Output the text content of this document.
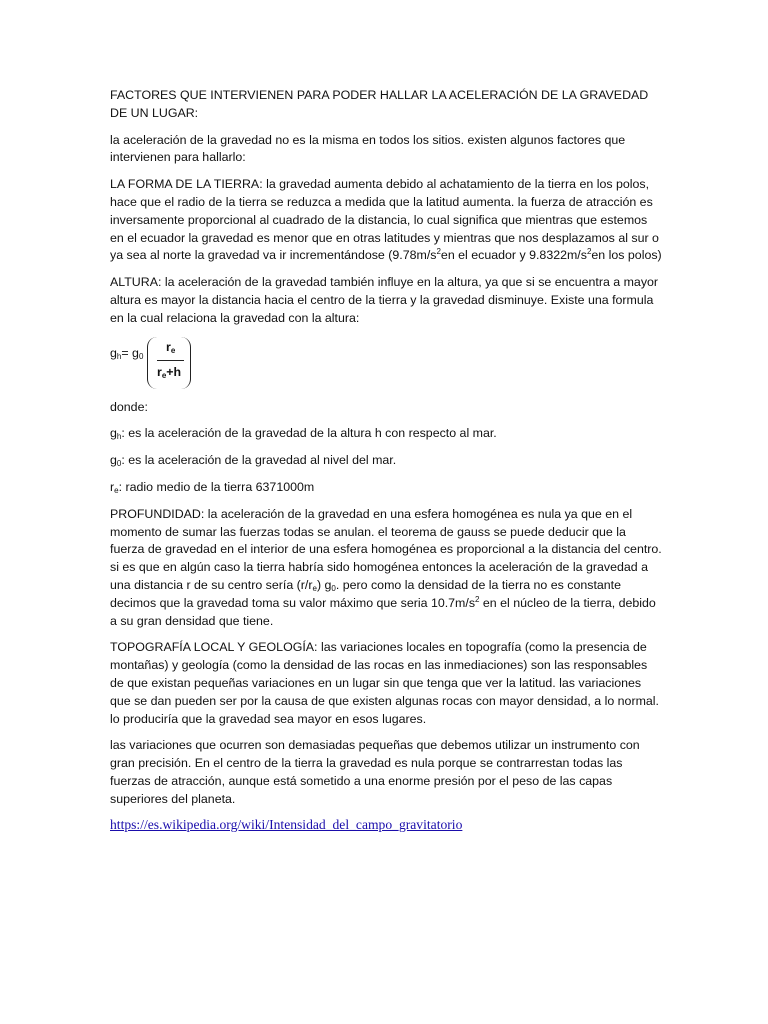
FACTORES QUE INTERVIENEN PARA PODER HALLAR LA ACELERACIÓN DE LA GRAVEDAD DE UN LUGAR:

la aceleración de la gravedad no es la misma en todos los sitios. existen algunos factores que intervienen para hallarlo:

LA FORMA DE LA TIERRA: la gravedad aumenta debido al achatamiento de la tierra en los polos, hace que el radio de la tierra se reduzca a medida que la latitud aumenta. la fuerza de atracción es inversamente proporcional al cuadrado de la distancia, lo cual significa que mientras que estemos en el ecuador la gravedad es menor que en otras latitudes y mientras que nos desplazamos al sur o ya sea al norte la gravedad va ir incrementándose ($9.78m/s^2en$ el ecuador y $9.8322m/s^2en$ los polos)

ALTURA: la aceleración de la gravedad también influye en la altura, ya que si se encuentra a mayor altura es mayor la distancia hacia el centro de la tierra y la gravedad disminuye. Existe una formula en la cual relaciona la gravedad con la altura:

$g_h= g_0$
$r_e$
$r_e+h$

donde:

$g_h$: es la aceleración de la gravedad de la altura h con respecto al mar.

$g_0$: es la aceleración de la gravedad al nivel del mar.

$r_e$: radio medio de la tierra 6371000m

PROFUNDIDAD: la aceleración de la gravedad en una esfera homogénea es nula ya que en el momento de sumar las fuerzas todas se anulan. el teorema de gauss se puede deducir que la fuerza de gravedad en el interior de una esfera homogénea es proporcional a la distancia del centro. si es que en algún caso la tierra habría sido homogénea entonces la aceleración de la gravedad a una distancia r de su centro sería $(r/r_e)$ $g_0$. pero como la densidad de la tierra no es constante decimos que la gravedad toma su valor máximo que seria $10.7m/s^2$ en el núcleo de la tierra, debido a su gran densidad que tiene.

TOPOGRAFÍA LOCAL Y GEOLOGÍA: las variaciones locales en topografía (como la presencia de montañas) y geología (como la densidad de las rocas en las inmediaciones) son las responsables de que existan pequeñas variaciones en un lugar sin que tenga que ver la latitud. las variaciones que se dan pueden ser por la causa de que existen algunas rocas con mayor densidad, a lo normal. lo produciría que la gravedad sea mayor en esos lugares.

las variaciones que ocurren son demasiadas pequeñas que debemos utilizar un instrumento con gran precisión. En el centro de la tierra la gravedad es nula porque se contrarrestan todas las fuerzas de atracción, aunque está sometido a una enorme presión por el peso de las capas superiores del planeta.

https://es.wikipedia.org/wiki/Intensidad_del_campo_gravitatorio
